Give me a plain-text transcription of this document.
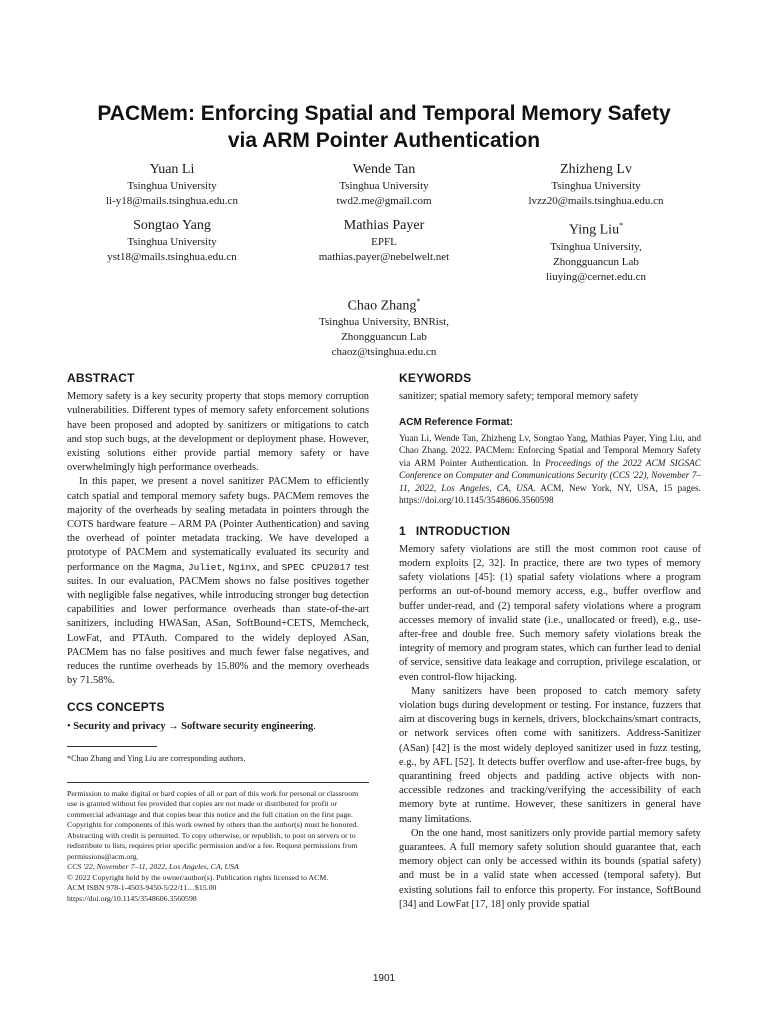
PACMem: Enforcing Spatial and Temporal Memory Safety
via ARM Pointer Authentication
Yuan Li
Tsinghua University
li-y18@mails.tsinghua.edu.cn
Wende Tan
Tsinghua University
twd2.me@gmail.com
Zhizheng Lv
Tsinghua University
lvzz20@mails.tsinghua.edu.cn
Songtao Yang
Tsinghua University
yst18@mails.tsinghua.edu.cn
Mathias Payer
EPFL
mathias.payer@nebelwelt.net
Ying Liu*
Tsinghua University,
Zhongguancun Lab
liuying@cernet.edu.cn
Chao Zhang*
Tsinghua University, BNRist,
Zhongguancun Lab
chaoz@tsinghua.edu.cn
ABSTRACT

Memory safety is a key security property that stops memory corruption vulnerabilities. Different types of memory safety enforcement solutions have been proposed and adopted by sanitizers or mitigations to catch and stop such bugs, at the development or deployment phase. However, existing solutions either provide partial memory safety or have overwhelmingly high performance overheads.

In this paper, we present a novel sanitizer PACMem to efficiently catch spatial and temporal memory safety bugs. PACMem removes the majority of the overheads by sealing metadata in pointers through the COTS hardware feature – ARM PA (Pointer Authentication) and saving the overhead of pointer metadata tracking. We have developed a prototype of PACMem and systematically evaluated its security and performance on the Magma, Juliet, Nginx, and SPEC CPU2017 test suites. In our evaluation, PACMem shows no false positives together with negligible false negatives, while introducing stronger bug detection capabilities and lower performance overheads than state-of-the-art sanitizers, including HWASan, ASan, SoftBound+CETS, Memcheck, LowFat, and PTAuth. Compared to the widely deployed ASan, PACMem has no false positives and much fewer false negatives, and reduces the runtime overheads by 15.80% and the memory overheads by 71.58%.

CCS CONCEPTS

• Security and privacy → Software security engineering.

*Chao Zhang and Ying Liu are corresponding authors.

Permission to make digital or hard copies of all or part of this work for personal or classroom use is granted without fee provided that copies are not made or distributed for profit or commercial advantage and that copies bear this notice and the full citation on the first page. Copyrights for components of this work owned by others than the author(s) must be honored. Abstracting with credit is permitted. To copy otherwise, or republish, to post on servers or to redistribute to lists, requires prior specific permission and/or a fee. Request permissions from permissions@acm.org.

CCS '22, November 7–11, 2022, Los Angeles, CA, USA

© 2022 Copyright held by the owner/author(s). Publication rights licensed to ACM.

ACM ISBN 978-1-4503-9450-5/22/11…$15.00

https://doi.org/10.1145/3548606.3560598

KEYWORDS

sanitizer; spatial memory safety; temporal memory safety

ACM Reference Format:

Yuan Li, Wende Tan, Zhizheng Lv, Songtao Yang, Mathias Payer, Ying Liu, and Chao Zhang. 2022. PACMem: Enforcing Spatial and Temporal Memory Safety via ARM Pointer Authentication. In Proceedings of the 2022 ACM SIGSAC Conference on Computer and Communications Security (CCS '22), November 7–11, 2022, Los Angeles, CA, USA. ACM, New York, NY, USA, 15 pages. https://doi.org/10.1145/3548606.3560598

1 INTRODUCTION

Memory safety violations are still the most common root cause of modern exploits [2, 32]. In practice, there are two types of memory safety violations [45]: (1) spatial safety violations where a program performs an out-of-bound memory access, e.g., buffer overflow and buffer under-read, and (2) temporal safety violations where a program accesses memory of invalid state (i.e., unallocated or freed), e.g., use-after-free and double free. Such memory safety violations break the integrity of memory and program states, which can further lead to denial of service, sensitive data leakage and corruption, privilege escalation, or even control-flow hijacking.

Many sanitizers have been proposed to catch memory safety violation bugs during development or testing. For instance, fuzzers that aim at discovering bugs in kernels, drivers, blockchains/smart contracts, or network services often come with sanitizers. Address-Sanitizer (ASan) [42] is the most widely deployed sanitizer used in fuzz testing, e.g., by AFL [52]. It detects buffer overflow and use-after-free bugs, by quarantining freed objects and padding active objects with non-accessible redzones and tracking/verifying the accessibility of each memory byte at runtime. However, these sanitizers in general have many limitations.

On the one hand, most sanitizers only provide partial memory safety guarantees. A full memory safety solution should guarantee that, each memory object can only be accessed within its bounds (spatial safety) and must be in a valid state when accessed (temporal safety). But existing solutions fail to enforce this property. For instance, SoftBound [34] and LowFat [17, 18] only provide spatial

1901
